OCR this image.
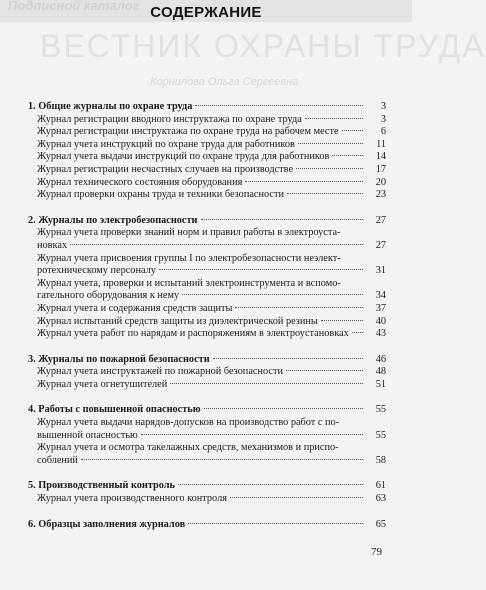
Подписной каталог
ВЕСТНИК ОХРАНЫ ТРУДА
Корнилова Ольга Сергеевна
СОДЕРЖАНИЕ
1. Общие журналы по охране труда	3
Журнал регистрации вводного инструктажа по охране труда	3
Журнал регистрации инструктажа по охране труда на рабочем месте	6
Журнал учета инструкций по охране труда для работников	11
Журнал учета выдачи инструкций по охране труда для работников	14
Журнал регистрации несчастных случаев на производстве	17
Журнал технического состояния оборудования	20
Журнал проверки охраны труда и техники безопасности	23
2. Журналы по электробезопасности	27
Журнал учета проверки знаний норм и правил работы в электроуста-
новках	27
Журнал учета присвоения группы I по электробезопасности неэлект-
ротехническому персоналу	31
Журнал учета, проверки и испытаний электроинструмента и вспомо-
гательного оборудования к нему	34
Журнал учета и содержания средств защиты	37
Журнал испытаний средств защиты из диэлектрической резины	40
Журнал учета работ по нарядам и распоряжениям в электроустановках	43
3. Журналы по пожарной безопасности	46
Журнал учета инструктажей по пожарной безопасности	48
Журнал учета огнетушителей	51
4. Работы с повышенной опасностью	55
Журнал учета выдачи нарядов-допусков на производство работ с по-
вышенной опасностью	55
Журнал учета и осмотра такелажных средств, механизмов и приспо-
соблений	58
5. Производственный контроль	61
Журнал учета производственного контроля	63
6. Образцы заполнения журналов	65
79
